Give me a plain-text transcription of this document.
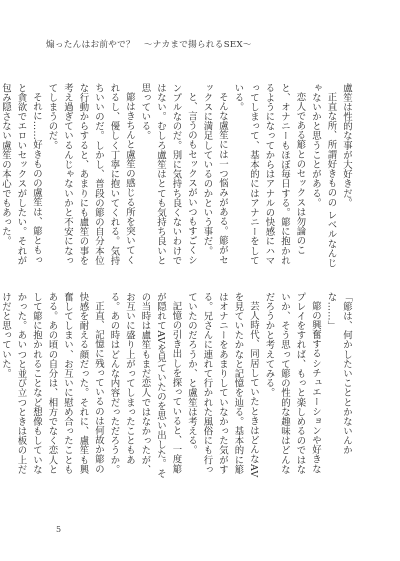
煽ったんはお前やで？　〜ナカまで揚られるSEX〜

盧笙は性的な事が大好きだ。

正直な所、所謂好きものの レベルなんじゃないかと思うことがある。

恋人である簓とのセックスは勿論のこと、オナニーもほぼ毎日する。簓に抱かれるようになってからはアナルの快感にハマってしまって、基本的にはアナニーをしている。

そんな盧笙には一つ悩みがある。簓がセックスに満足しているのかという事だ。

と、言うのもセックスがいつもすごくシンプルなのだ。別に気持ち良くないわけではない。むしろ盧笙はとても気持ち良いと思っている。

簓はきちんと盧笙の感じる所を突いてくれるし、優しく丁寧に抱いてくれる。気持ちいいのだ。しかし、普段の簓の自分本位な行動からすると、あまりにも盧笙の事を考え過ぎているんじゃないかと不安になってしまうのだ。

それに……好きものの盧笙は、簓ともっと貪欲でエロいセックスがしたい。それが包み隠さない盧笙の本心でもあった。

「簓は、何かしたいこととかないんかな……」

簓の興奮するシチュエーションや好きなプレイをすれば、もっと楽しめるのではないか、そう思って簓の性的な趣味はどんなだろうかと考えてみる。

芸人時代、同居していたときはどんなAVを見ていたかなと記憶を辿る。基本的に簓はオナニーをあまりしていなかった気がする。兄さんに連れて行かれた風俗にも行っていたのだろうか、と盧笙は考える。

記憶の引き出しを探っていると、一度簓が隠れてAVを見ていたのを思い出した。その当時は盧笙もまだ恋人ではなかったが、お互いに盛り上がってしまったこともある。あの時はどんな内容だっただろうか。

正直、記憶に残っているのは何故か簓の快感を耐える顔だった。それに、盧笙も興奮してしまい、お互いに慰め合ったこともある。あの頃の自分は、相方でなく恋人として簓に抱かれることなど想像もしていなかった。あいつと並び立つときは板の上だけだと思っていた。

5
